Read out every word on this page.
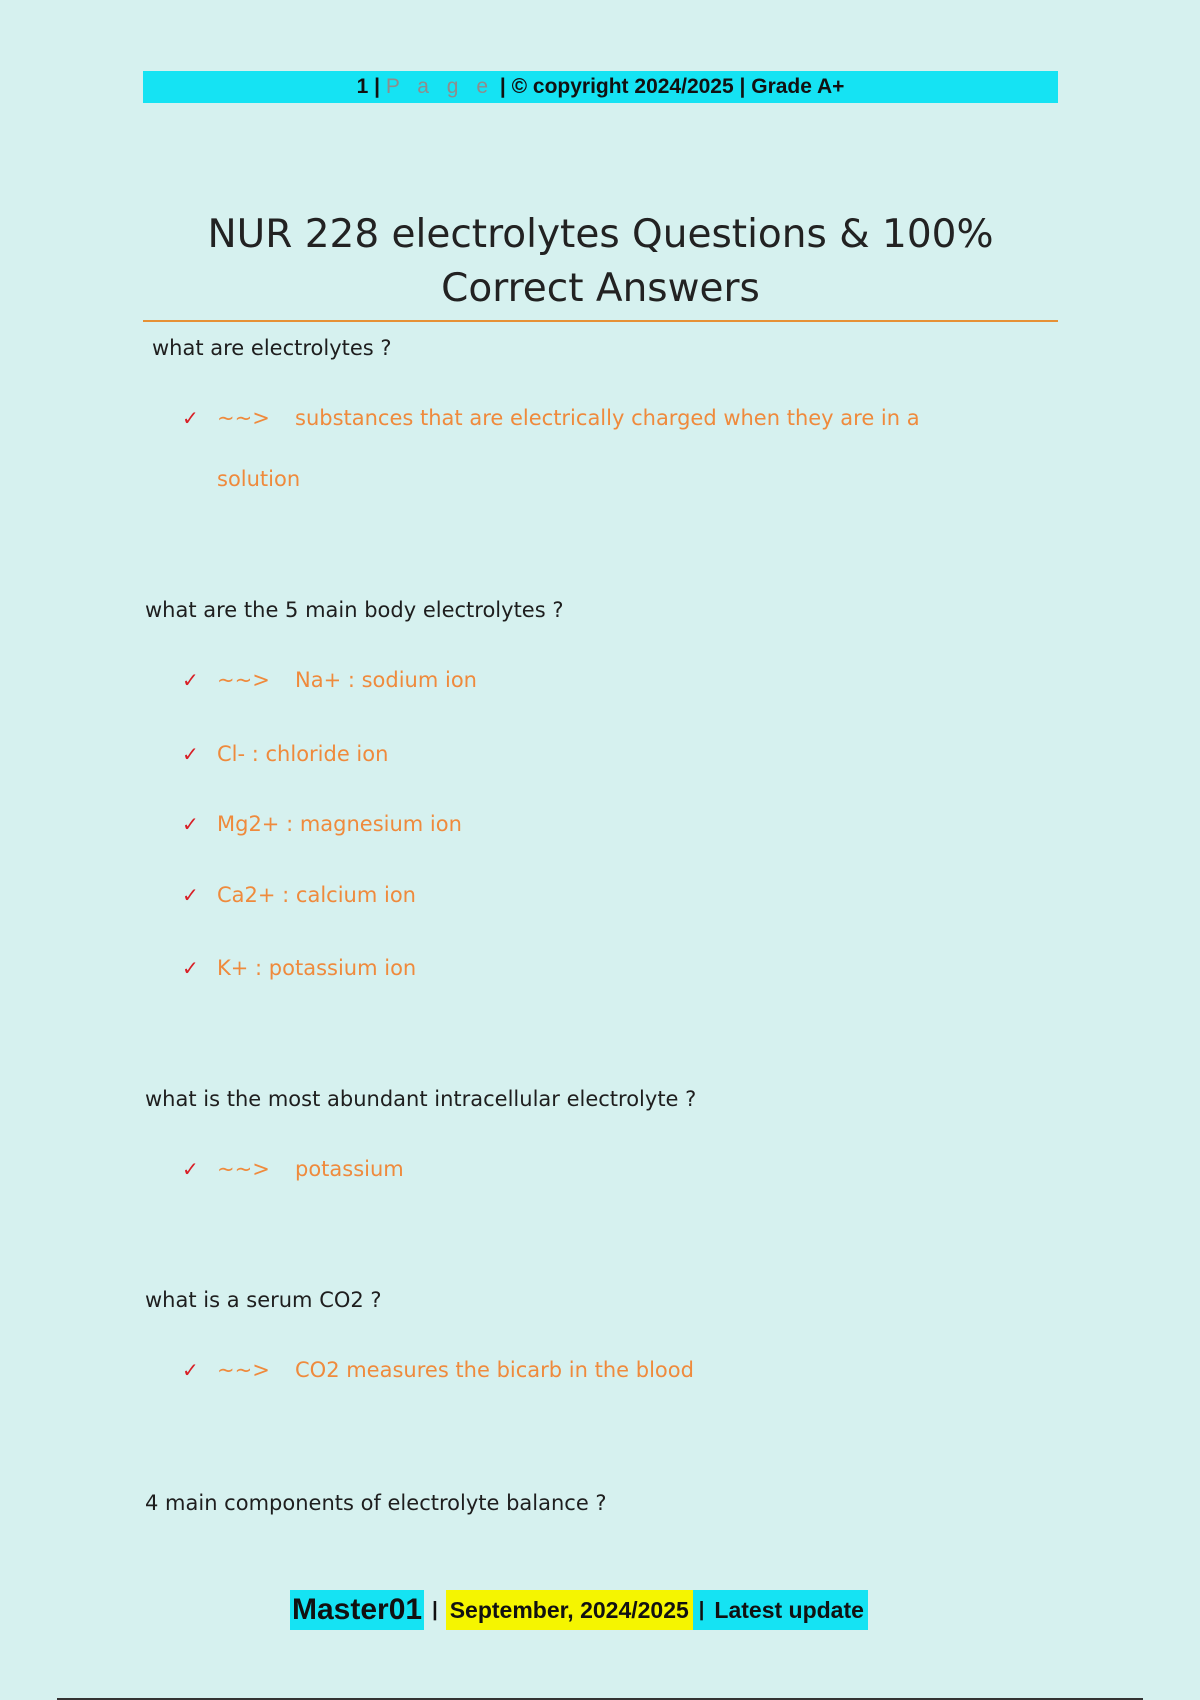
1 | P a g e | © copyright 2024/2025 | Grade A+
NUR 228 electrolytes Questions & 100%
Correct Answers
what are electrolytes ?
✓ ~~> substances that are electrically charged when they are in a
solution
what are the 5 main body electrolytes ?
✓ ~~> Na+ : sodium ion
✓ Cl- : chloride ion
✓ Mg2+ : magnesium ion
✓ Ca2+ : calcium ion
✓ K+ : potassium ion
what is the most abundant intracellular electrolyte ?
✓ ~~> potassium
what is a serum CO2 ?
✓ ~~> CO2 measures the bicarb in the blood
4 main components of electrolyte balance ?
Master01 | September, 2024/2025 | Latest update
